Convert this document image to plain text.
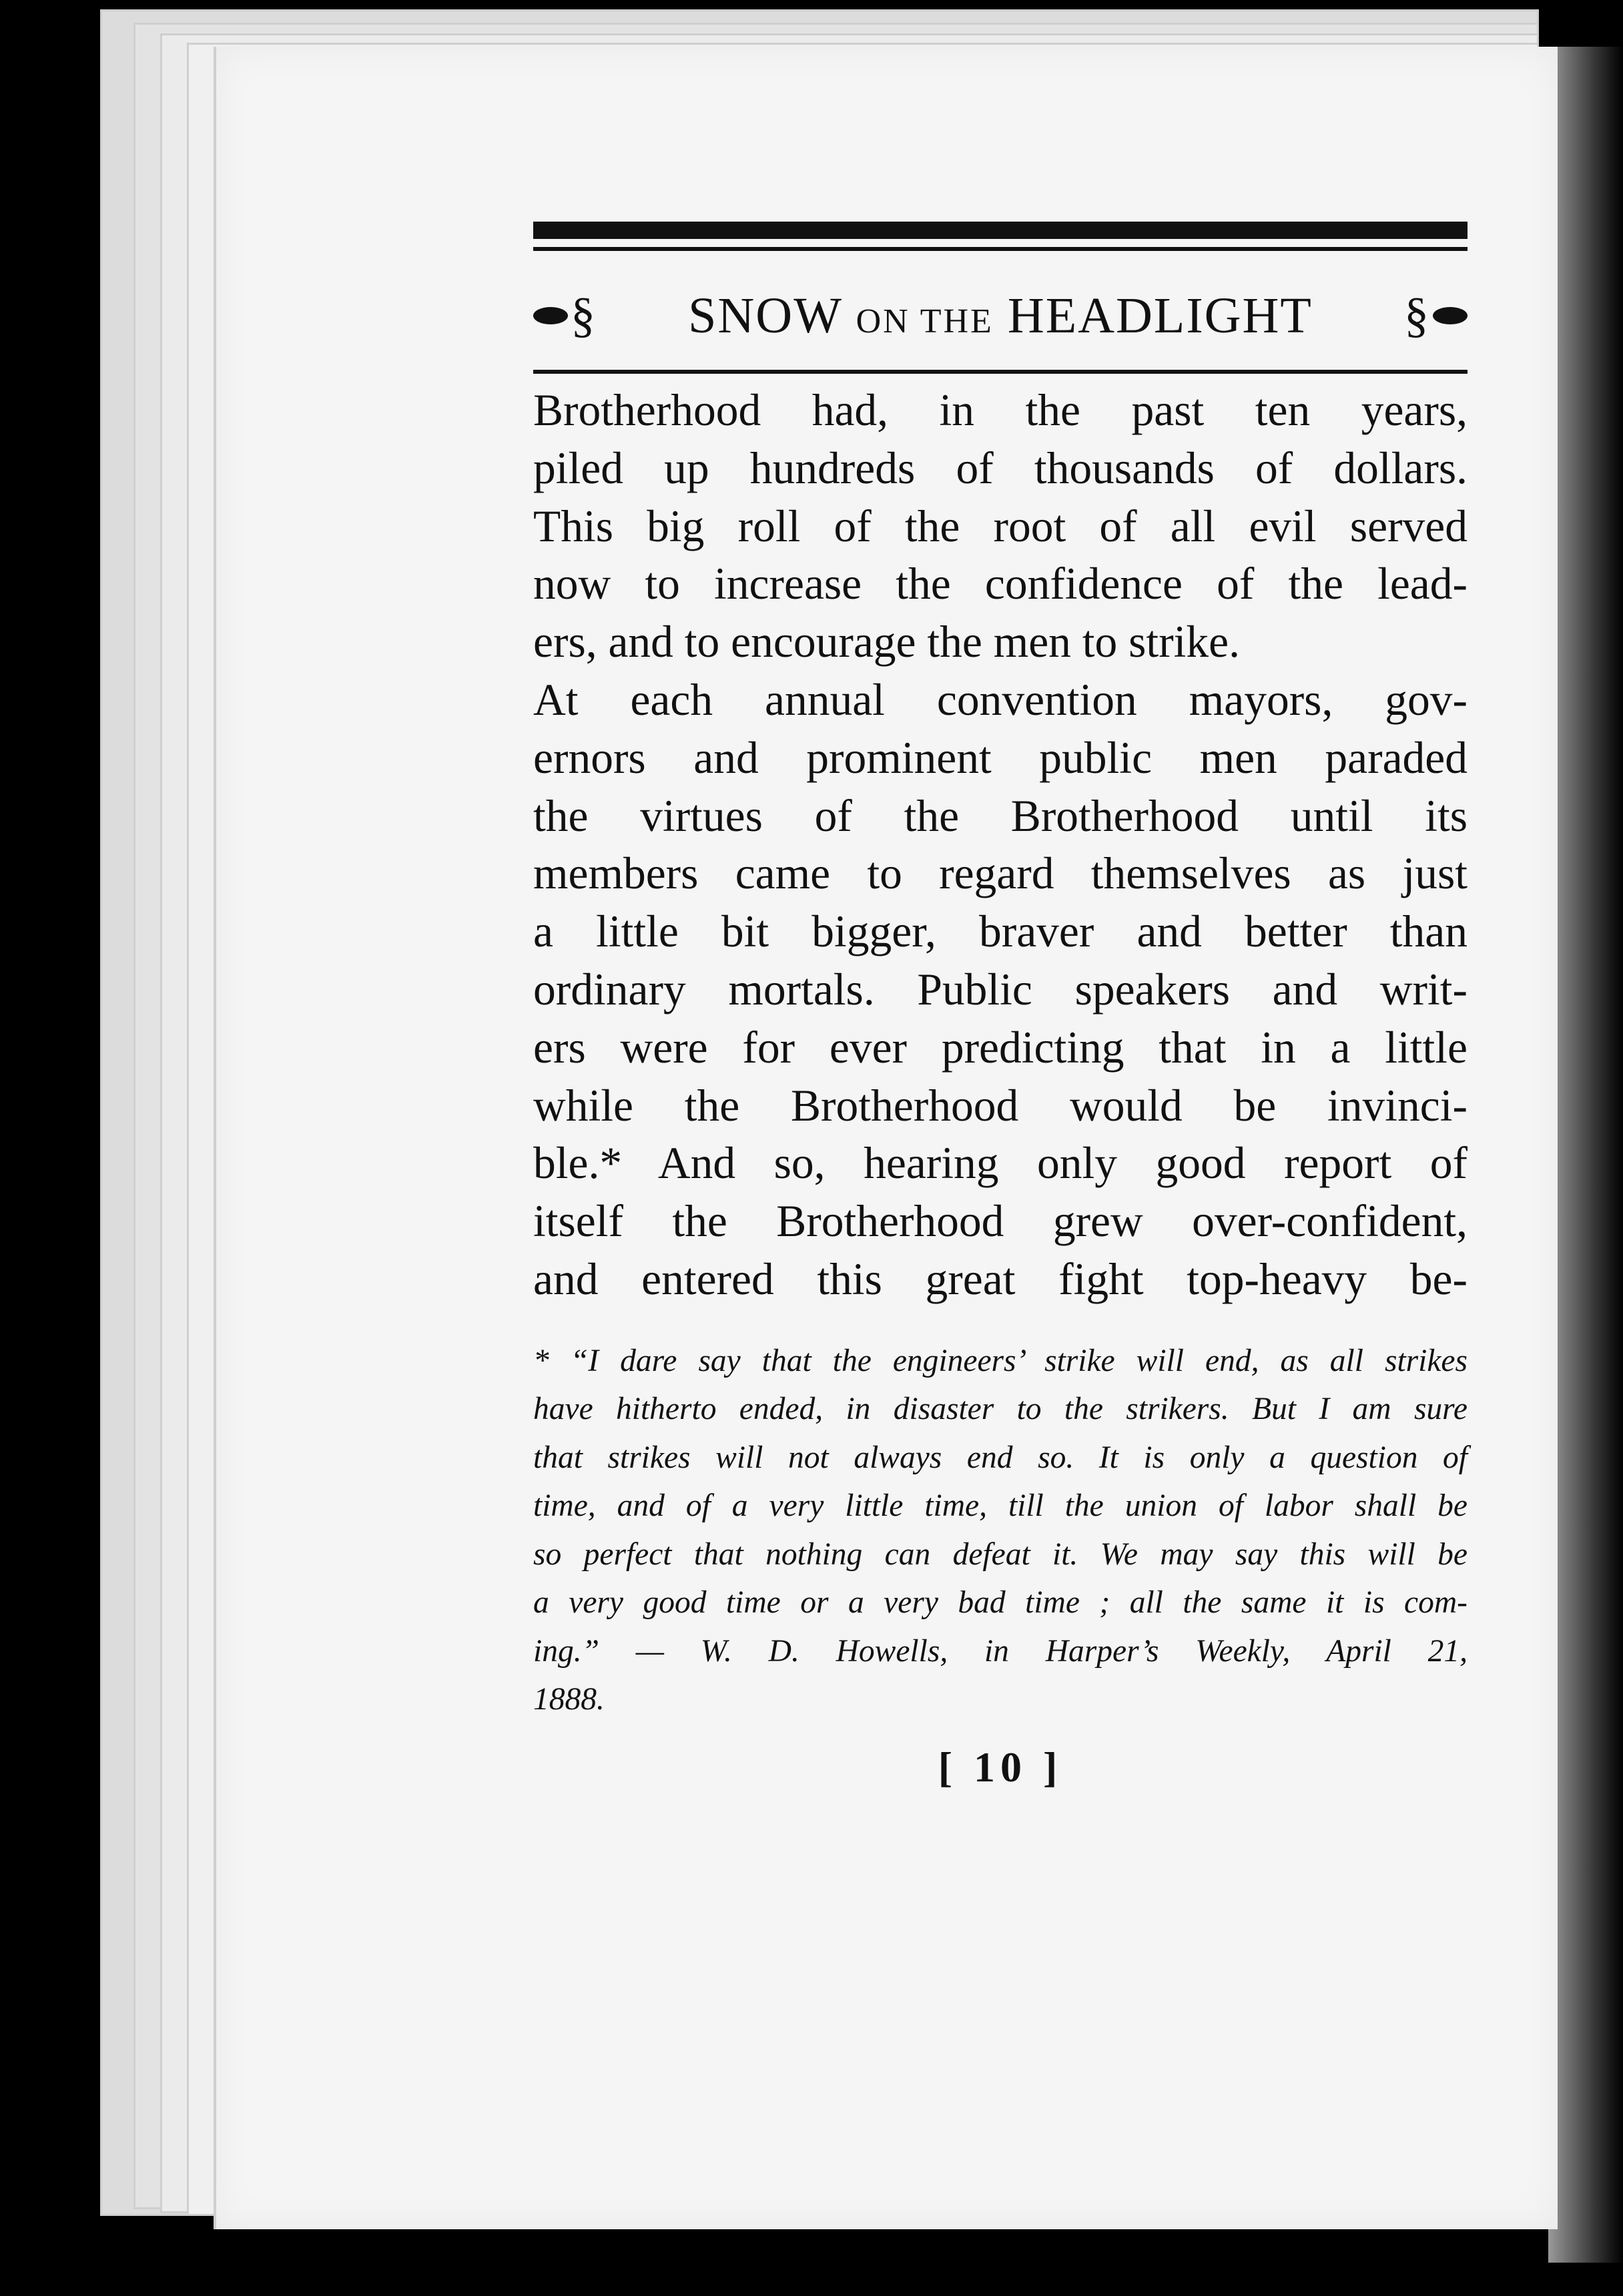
§	SNOW ON THE HEADLIGHT	§
Brotherhood had, in the past ten years,
piled up hundreds of thousands of dollars.
This big roll of the root of all evil served
now to increase the confidence of the lead-
ers, and to encourage the men to strike.
At each annual convention mayors, gov-
ernors and prominent public men paraded
the virtues of the Brotherhood until its
members came to regard themselves as just
a little bit bigger, braver and better than
ordinary mortals. Public speakers and writ-
ers were for ever predicting that in a little
while the Brotherhood would be invinci-
ble.* And so, hearing only good report of
itself the Brotherhood grew over-confident,
and entered this great fight top-heavy be-
* “I dare say that the engineers’ strike will end, as all strikes
have hitherto ended, in disaster to the strikers. But I am sure
that strikes will not always end so. It is only a question of
time, and of a very little time, till the union of labor shall be
so perfect that nothing can defeat it. We may say this will be
a very good time or a very bad time ; all the same it is com-
ing.” — W. D. Howells, in Harper’s Weekly, April 21,
1888.
[ 10 ]
